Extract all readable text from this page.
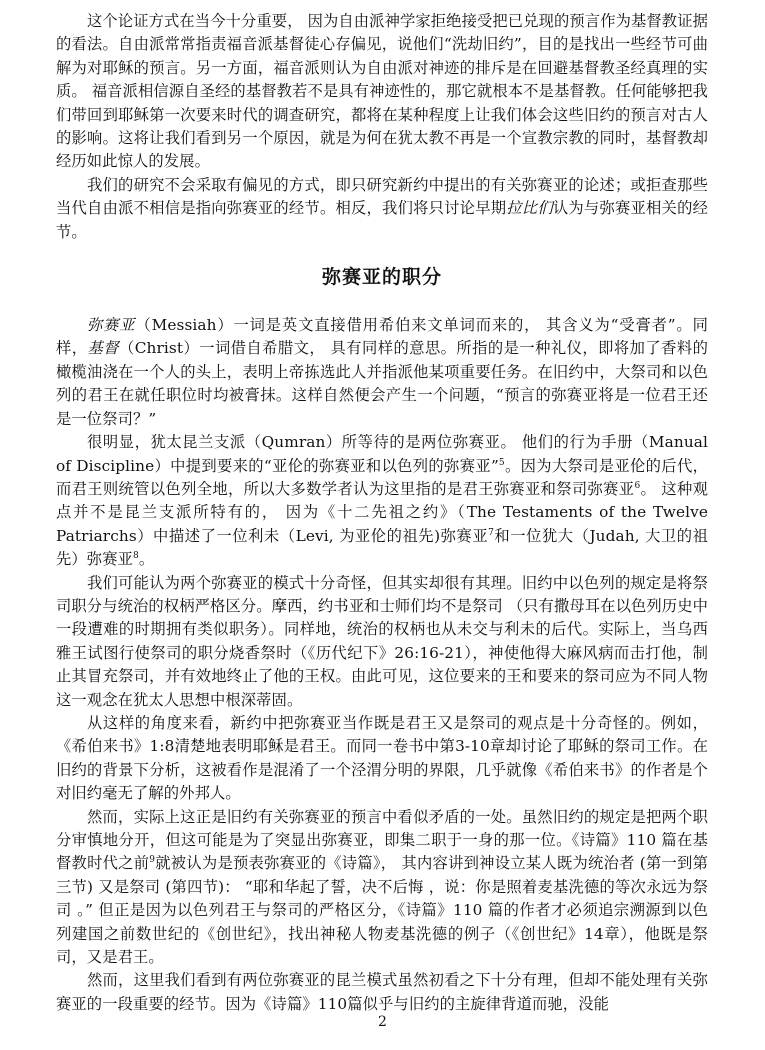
这个论证方式在当今十分重要， 因为自由派神学家拒绝接受把已兑现的预言作为基督教证据的看法。自由派常常指责福音派基督徒心存偏见，说他们“洗劫旧约”，目的是找出一些经节可曲解为对耶稣的预言。另一方面，福音派则认为自由派对神迹的排斥是在回避基督教圣经真理的实质。 福音派相信源自圣经的基督教若不是具有神迹性的，那它就根本不是基督教。任何能够把我们带回到耶稣第一次要来时代的调查研究，都将在某种程度上让我们体会这些旧约的预言对古人的影响。这将让我们看到另一个原因，就是为何在犹太教不再是一个宣教宗教的同时，基督教却经历如此惊人的发展。

我们的研究不会采取有偏见的方式，即只研究新约中提出的有关弥赛亚的论述；或拒查那些当代自由派不相信是指向弥赛亚的经节。相反，我们将只讨论早期拉比们认为与弥赛亚相关的经节。

弥赛亚的职分

弥赛亚（Messiah）一词是英文直接借用希伯来文单词而来的， 其含义为“受膏者”。同样，基督（Christ）一词借自希腊文， 具有同样的意思。所指的是一种礼仪，即将加了香料的橄榄油浇在一个人的头上，表明上帝拣选此人并指派他某项重要任务。在旧约中，大祭司和以色列的君王在就任职位时均被膏抹。这样自然便会产生一个问题，“预言的弥赛亚将是一位君王还是一位祭司？”

很明显，犹太昆兰支派（Qumran）所等待的是两位弥赛亚。 他们的行为手册（Manual of Discipline）中提到要来的“亚伦的弥赛亚和以色列的弥赛亚”$^5$。因为大祭司是亚伦的后代，而君王则统管以色列全地，所以大多数学者认为这里指的是君王弥赛亚和祭司弥赛亚$^6$。 这种观点并不是昆兰支派所特有的， 因为《十二先祖之约》（The Testaments of the Twelve Patriarchs）中描述了一位利未（Levi, 为亚伦的祖先)弥赛亚$^7$和一位犹大（Judah, 大卫的祖先）弥赛亚$^8$。

我们可能认为两个弥赛亚的模式十分奇怪，但其实却很有其理。旧约中以色列的规定是将祭司职分与统治的权柄严格区分。摩西，约书亚和士师们均不是祭司 （只有撒母耳在以色列历史中一段遭难的时期拥有类似职务）。同样地，统治的权柄也从未交与利未的后代。实际上，当乌西雅王试图行使祭司的职分烧香祭时（《历代纪下》26:16-21），神使他得大麻风病而击打他，制止其冒充祭司，并有效地终止了他的王权。由此可见，这位要来的王和要来的祭司应为不同人物这一观念在犹太人思想中根深蒂固。

从这样的角度来看，新约中把弥赛亚当作既是君王又是祭司的观点是十分奇怪的。例如，《希伯来书》1:8清楚地表明耶稣是君王。而同一卷书中第3-10章却讨论了耶稣的祭司工作。在旧约的背景下分析，这被看作是混淆了一个泾渭分明的界限，几乎就像《希伯来书》的作者是个对旧约毫无了解的外邦人。

然而，实际上这正是旧约有关弥赛亚的预言中看似矛盾的一处。虽然旧约的规定是把两个职分审慎地分开，但这可能是为了突显出弥赛亚，即集二职于一身的那一位。《诗篇》110 篇在基督教时代之前$^9$就被认为是预表弥赛亚的《诗篇》， 其内容讲到神设立某人既为统治者 (第一到第三节) 又是祭司 (第四节)： “耶和华起了誓，决不后悔 ，说：你是照着麦基洗德的等次永远为祭司 。” 但正是因为以色列君王与祭司的严格区分，《诗篇》110 篇的作者才必须追宗溯源到以色列建国之前数世纪的《创世纪》，找出神秘人物麦基洗德的例子（《创世纪》14章），他既是祭司，又是君王。

然而，这里我们看到有两位弥赛亚的昆兰模式虽然初看之下十分有理，但却不能处理有关弥赛亚的一段重要的经节。因为《诗篇》110篇似乎与旧约的主旋律背道而驰，没能

2
